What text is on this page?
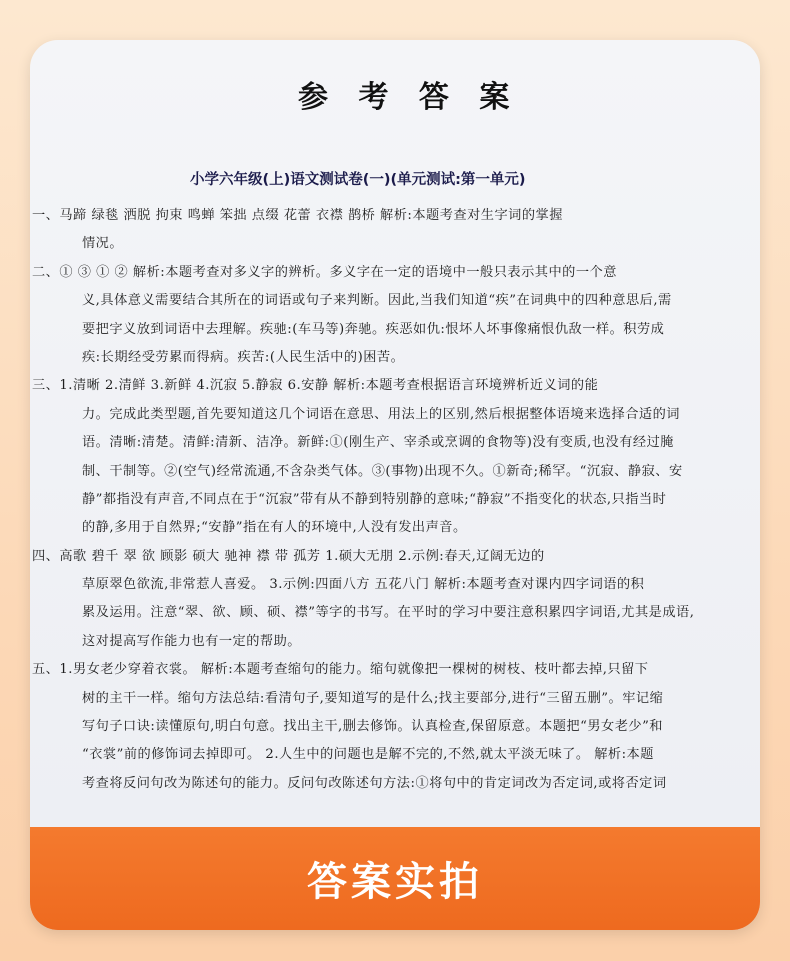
参 考 答 案
小学六年级(上)语文测试卷(一)(单元测试:第一单元)
一、马蹄 绿毯 洒脱 拘束 鸣蝉 笨拙 点缀 花蕾 衣襟 鹊桥 解析:本题考查对生字词的掌握
情况。
二、① ③ ① ② 解析:本题考查对多义字的辨析。多义字在一定的语境中一般只表示其中的一个意
义,具体意义需要结合其所在的词语或句子来判断。因此,当我们知道“疾”在词典中的四种意思后,需
要把字义放到词语中去理解。疾驰:(车马等)奔驰。疾恶如仇:恨坏人坏事像痛恨仇敌一样。积劳成
疾:长期经受劳累而得病。疾苦:(人民生活中的)困苦。
三、1.清晰 2.清鲜 3.新鲜 4.沉寂 5.静寂 6.安静 解析:本题考查根据语言环境辨析近义词的能
力。完成此类型题,首先要知道这几个词语在意思、用法上的区别,然后根据整体语境来选择合适的词
语。清晰:清楚。清鲜:清新、洁净。新鲜:①(刚生产、宰杀或烹调的食物等)没有变质,也没有经过腌
制、干制等。②(空气)经常流通,不含杂类气体。③(事物)出现不久。①新奇;稀罕。“沉寂、静寂、安
静”都指没有声音,不同点在于“沉寂”带有从不静到特别静的意味;“静寂”不指变化的状态,只指当时
的静,多用于自然界;“安静”指在有人的环境中,人没有发出声音。
四、高歌 碧千 翠 欲 顾影 硕大 驰神 襟 带 孤芳 1.硕大无朋 2.示例:春天,辽阔无边的
草原翠色欲流,非常惹人喜爱。 3.示例:四面八方 五花八门 解析:本题考查对课内四字词语的积
累及运用。注意“翠、欲、顾、硕、襟”等字的书写。在平时的学习中要注意积累四字词语,尤其是成语,
这对提高写作能力也有一定的帮助。
五、1.男女老少穿着衣裳。 解析:本题考查缩句的能力。缩句就像把一棵树的树枝、枝叶都去掉,只留下
树的主干一样。缩句方法总结:看清句子,要知道写的是什么;找主要部分,进行“三留五删”。牢记缩
写句子口诀:读懂原句,明白句意。找出主干,删去修饰。认真检查,保留原意。本题把“男女老少”和
“衣裳”前的修饰词去掉即可。 2.人生中的问题也是解不完的,不然,就太平淡无味了。 解析:本题
考查将反问句改为陈述句的能力。反问句改陈述句方法:①将句中的肯定词改为否定词,或将否定词
答案实拍
